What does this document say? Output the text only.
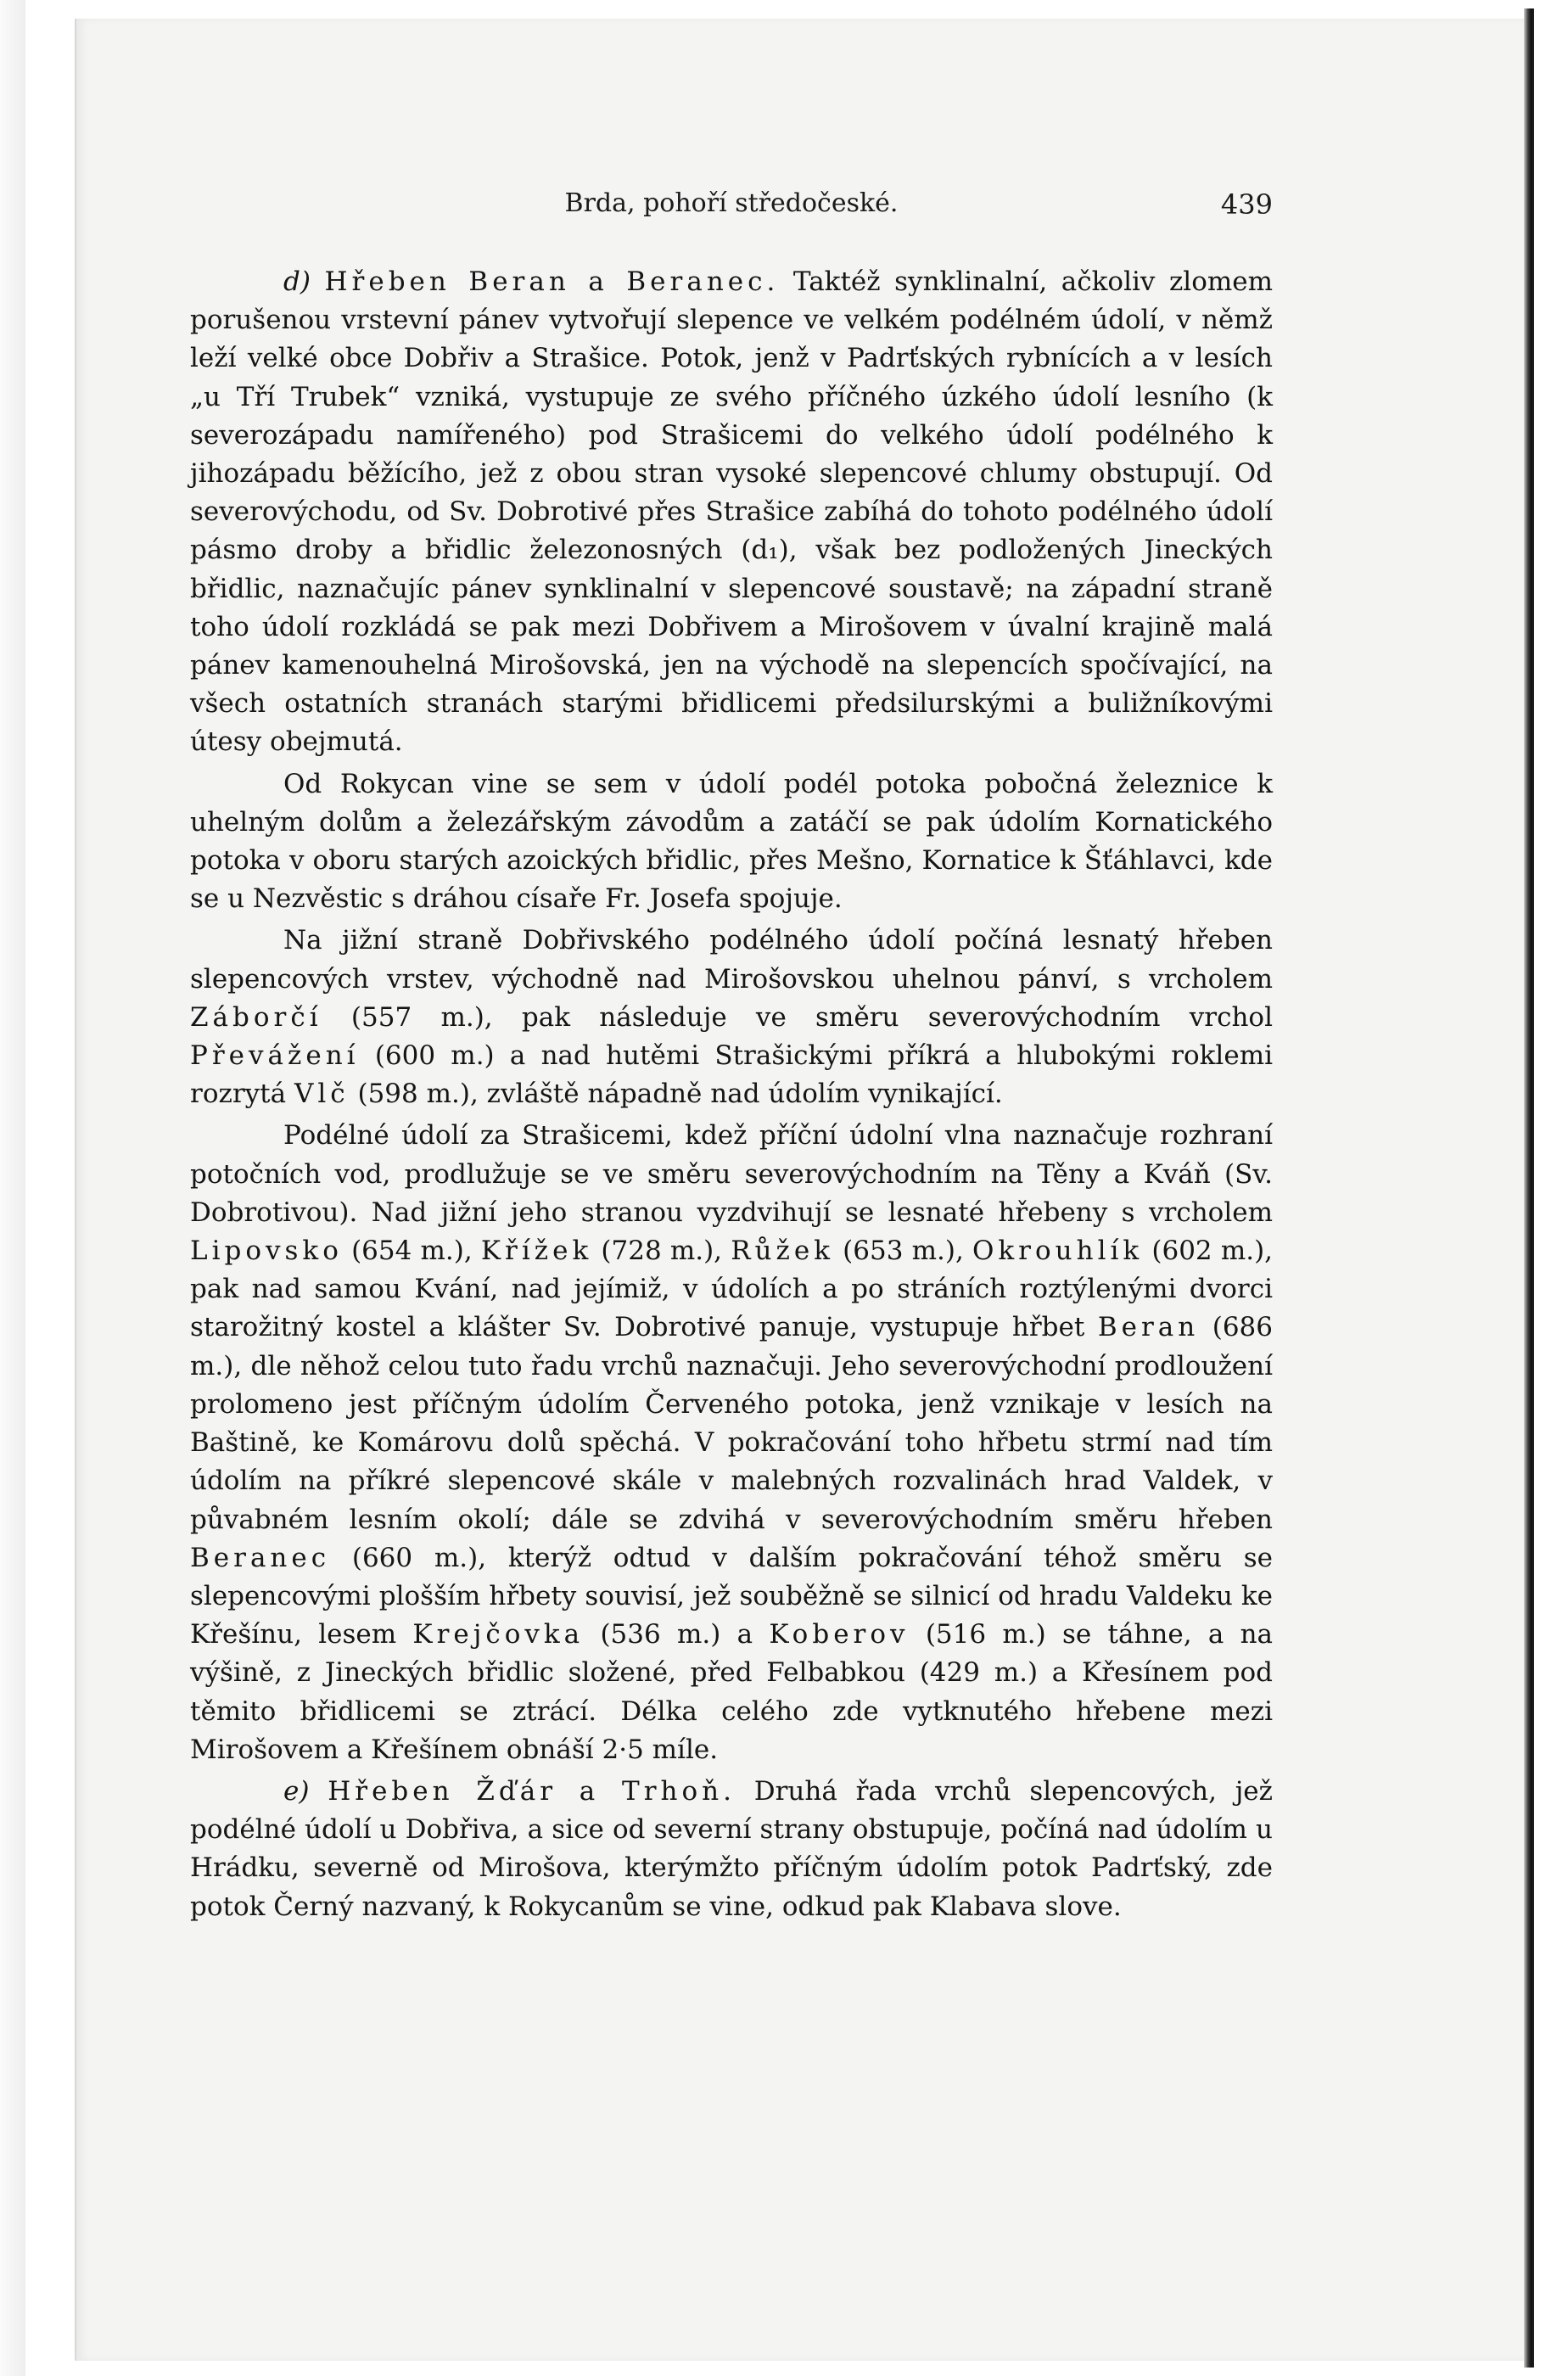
Brda, pohoří středočeské.	439

d) Hřeben Beran a Beranec. Taktéž synklinalní, ačkoliv zlomem porušenou vrstevní pánev vytvořují slepence ve velkém podélném údolí, v němž leží velké obce Dobřiv a Strašice. Potok, jenž v Padrťských rybnících a v lesích „u Tří Trubek“ vzniká, vystupuje ze svého příčného úzkého údolí lesního (k severozápadu namířeného) pod Strašicemi do velkého údolí podélného k jihozápadu běžícího, jež z obou stran vysoké slepencové chlumy obstupují. Od severovýchodu, od Sv. Dobrotivé přes Strašice zabíhá do tohoto podélného údolí pásmo droby a břidlic železonosných (d₁), však bez podložených Jineckých břidlic, naznačujíc pánev synklinalní v slepencové soustavě; na západní straně toho údolí rozkládá se pak mezi Dobřivem a Mirošovem v úvalní krajině malá pánev kamenouhelná Mirošovská, jen na východě na slepencích spočívající, na všech ostatních stranách starými břidlicemi předsilurskými a buližníkovými útesy obejmutá.

Od Rokycan vine se sem v údolí podél potoka pobočná železnice k uhelným dolům a železářským závodům a zatáčí se pak údolím Kornatického potoka v oboru starých azoických břidlic, přes Mešno, Kornatice k Šťáhlavci, kde se u Nezvěstic s dráhou císaře Fr. Josefa spojuje.

Na jižní straně Dobřivského podélného údolí počíná lesnatý hřeben slepencových vrstev, východně nad Mirošovskou uhelnou pánví, s vrcholem Záborčí (557 m.), pak následuje ve směru severovýchodním vrchol Převážení (600 m.) a nad hutěmi Strašickými příkrá a hlubokými roklemi rozrytá Vlč (598 m.), zvláště nápadně nad údolím vynikající.

Podélné údolí za Strašicemi, kdež příční údolní vlna naznačuje rozhraní potočních vod, prodlužuje se ve směru severovýchodním na Těny a Kváň (Sv. Dobrotivou). Nad jižní jeho stranou vyzdvihují se lesnaté hřebeny s vrcholem Lipovsko (654 m.), Křížek (728 m.), Růžek (653 m.), Okrouhlík (602 m.), pak nad samou Kvání, nad jejímiž, v údolích a po stráních roztýlenými dvorci starožitný kostel a klášter Sv. Dobrotivé panuje, vystupuje hřbet Beran (686 m.), dle něhož celou tuto řadu vrchů naznačuji. Jeho severovýchodní prodloužení prolomeno jest příčným údolím Červeného potoka, jenž vznikaje v lesích na Baštině, ke Komárovu dolů spěchá. V pokračování toho hřbetu strmí nad tím údolím na příkré slepencové skále v malebných rozvalinách hrad Valdek, v půvabném lesním okolí; dále se zdvihá v severovýchodním směru hřeben Beranec (660 m.), kterýž odtud v dalším pokračování téhož směru se slepencovými plošším hřbety souvisí, jež souběžně se silnicí od hradu Valdeku ke Křešínu, lesem Krejčovka (536 m.) a Koberov (516 m.) se táhne, a na výšině, z Jineckých břidlic složené, před Felbabkou (429 m.) a Křesínem pod těmito břidlicemi se ztrácí. Délka celého zde vytknutého hřebene mezi Mirošovem a Křešínem obnáší 2·5 míle.

e) Hřeben Žďár a Trhoň. Druhá řada vrchů slepencových, jež podélné údolí u Dobřiva, a sice od severní strany obstupuje, počíná nad údolím u Hrádku, severně od Mirošova, kterýmžto příčným údolím potok Padrťský, zde potok Černý nazvaný, k Rokycanům se vine, odkud pak Klabava slove.
